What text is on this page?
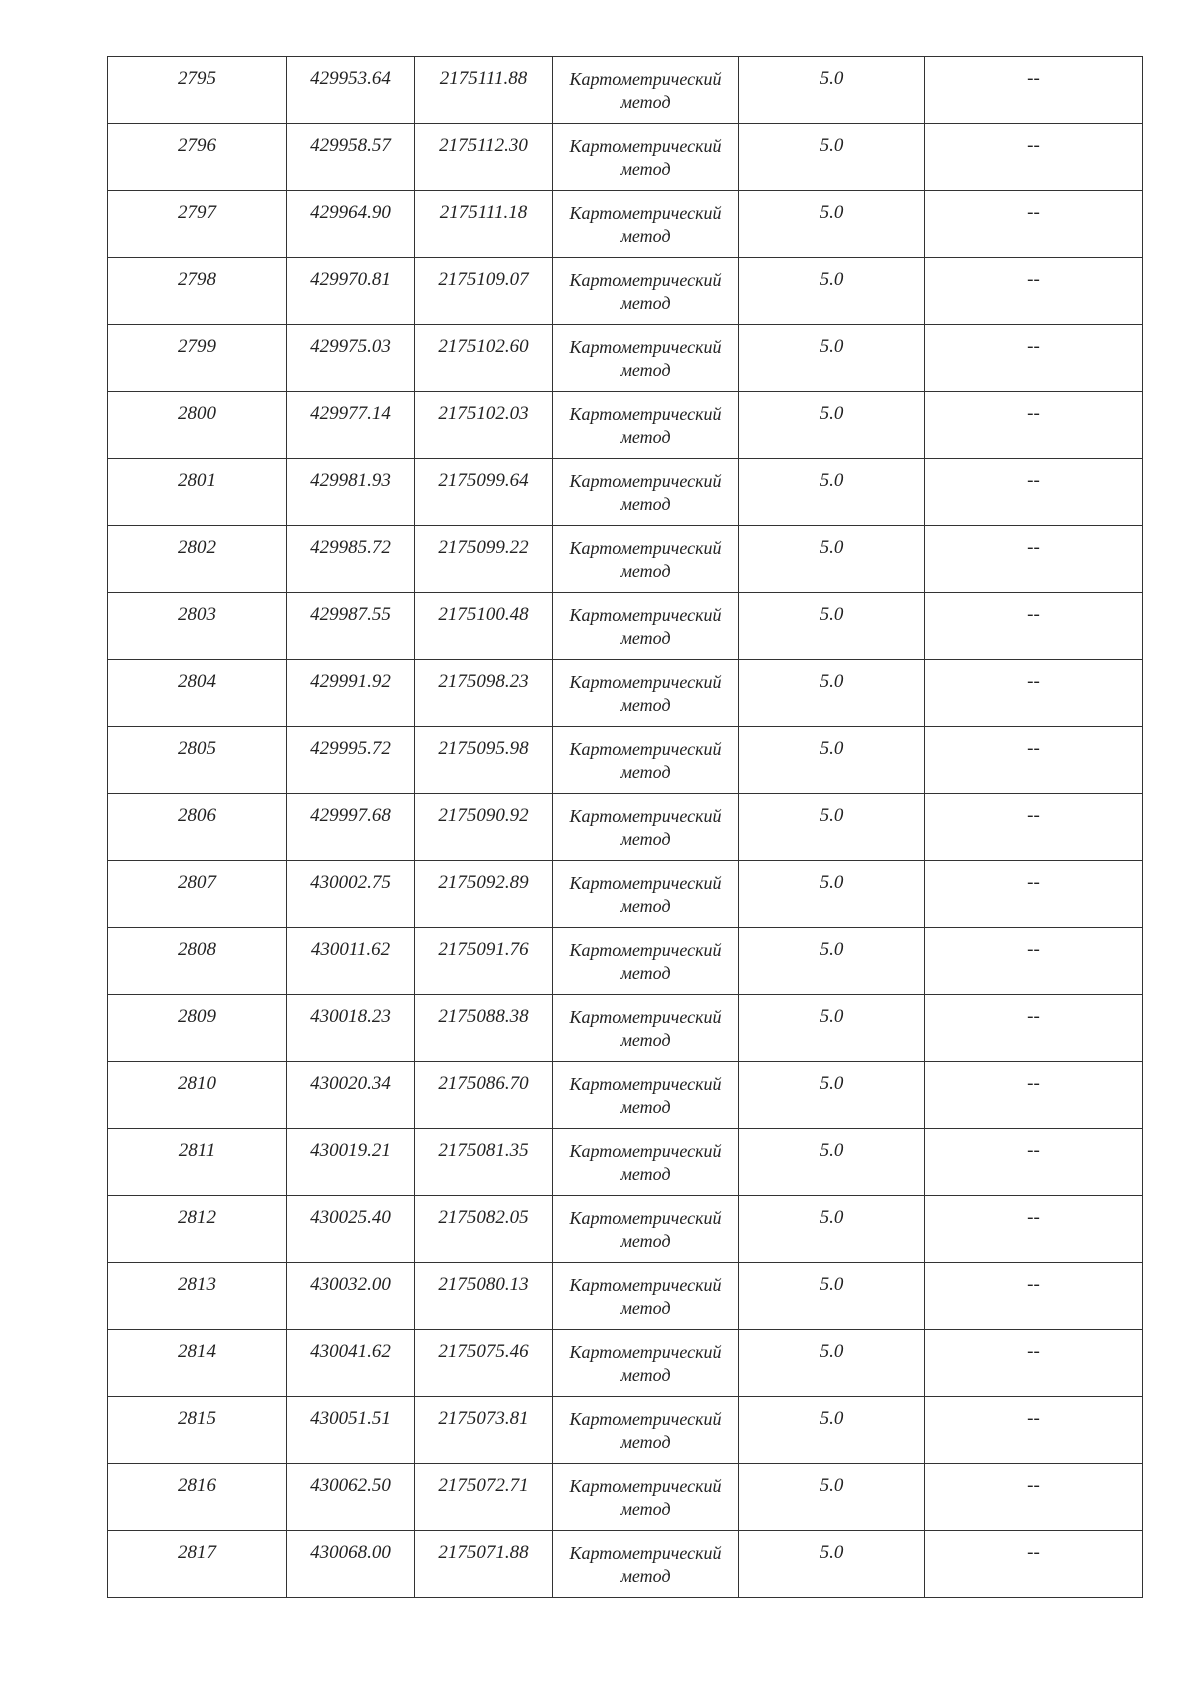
2795	429953.64	2175111.88	Картометрический метод	5.0	--

2796	429958.57	2175112.30	Картометрический метод	5.0	--

2797	429964.90	2175111.18	Картометрический метод	5.0	--

2798	429970.81	2175109.07	Картометрический метод	5.0	--

2799	429975.03	2175102.60	Картометрический метод	5.0	--

2800	429977.14	2175102.03	Картометрический метод	5.0	--

2801	429981.93	2175099.64	Картометрический метод	5.0	--

2802	429985.72	2175099.22	Картометрический метод	5.0	--

2803	429987.55	2175100.48	Картометрический метод	5.0	--

2804	429991.92	2175098.23	Картометрический метод	5.0	--

2805	429995.72	2175095.98	Картометрический метод	5.0	--

2806	429997.68	2175090.92	Картометрический метод	5.0	--

2807	430002.75	2175092.89	Картометрический метод	5.0	--

2808	430011.62	2175091.76	Картометрический метод	5.0	--

2809	430018.23	2175088.38	Картометрический метод	5.0	--

2810	430020.34	2175086.70	Картометрический метод	5.0	--

2811	430019.21	2175081.35	Картометрический метод	5.0	--

2812	430025.40	2175082.05	Картометрический метод	5.0	--

2813	430032.00	2175080.13	Картометрический метод	5.0	--

2814	430041.62	2175075.46	Картометрический метод	5.0	--

2815	430051.51	2175073.81	Картометрический метод	5.0	--

2816	430062.50	2175072.71	Картометрический метод	5.0	--

2817	430068.00	2175071.88	Картометрический метод	5.0	--
